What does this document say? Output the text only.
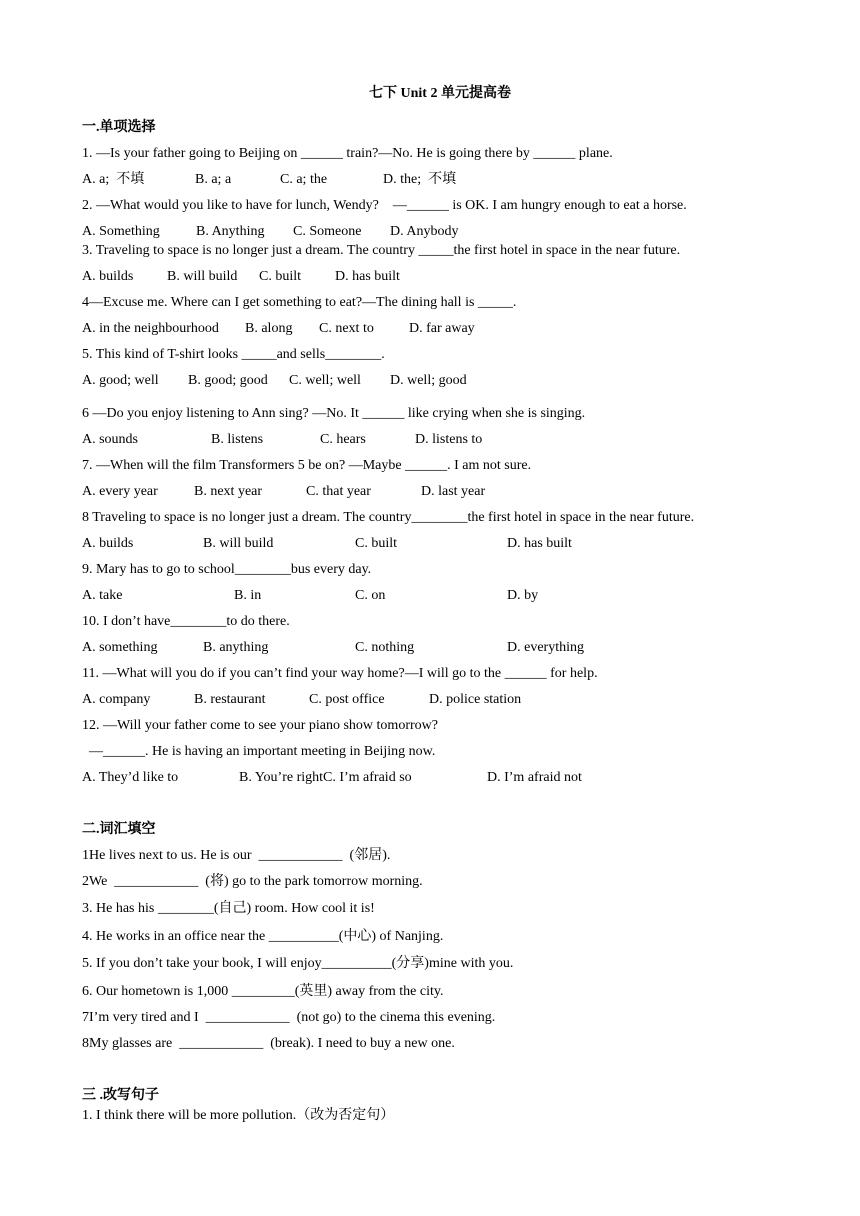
七下 Unit 2 单元提高卷
一.单项选择
1. —Is your father going to Beijing on ______ train?—No. He is going there by ______ plane.
A. a;  不填	B. a; a	C. a; the	D. the;  不填
2. —What would you like to have for lunch, Wendy?    —______ is OK. I am hungry enough to eat a horse.
A. Something	B. Anything C. Someone D. Anybody
3. Traveling to space is no longer just a dream. The country _____the first hotel in space in the near future.
A. builds B. will build C. built D. has built
4—Excuse me. Where can I get something to eat?—The dining hall is _____.
A. in the neighbourhood B. along C. next to	D. far away
5. This kind of T-shirt looks _____and sells________.
A. good; well B. good; good C. well; well D. well; good
6 —Do you enjoy listening to Ann sing? —No. It ______ like crying when she is singing.
A. sounds	B. listens	C. hears	D. listens to
7. —When will the film Transformers 5 be on? —Maybe ______. I am not sure.
A. every year	B. next year	C. that year	D. last year
8 Traveling to space is no longer just a dream. The country________the first hotel in space in the near future.
A. builds	B. will build	C. built	D. has built
9. Mary has to go to school________bus every day.
A. take	B. in	C. on	D. by
10. I don’t have________to do there.
A. something	B. anything	C. nothing	D. everything
11. —What will you do if you can’t find your way home?—I will go to the ______ for help.
A. company	B. restaurant	C. post office	D. police station
12. —Will your father come to see your piano show tomorrow?
—______. He is having an important meeting in Beijing now.
A. They’d like to	B. You’re rightC. I’m afraid so	D. I’m afraid not
二.词汇填空
1He lives next to us. He is our  ____________  (邻居).
2We  ____________  (将) go to the park tomorrow morning.
3. He has his ________(自己) room. How cool it is!
4. He works in an office near the __________(中心) of Nanjing.
5. If you don’t take your book, I will enjoy__________(分享)mine with you.
6. Our hometown is 1,000 _________(英里) away from the city.
7I’m very tired and I  ____________  (not go) to the cinema this evening.
8My glasses are  ____________  (break). I need to buy a new one.
三 .改写句子
1. I think there will be more pollution.（改为否定句）
